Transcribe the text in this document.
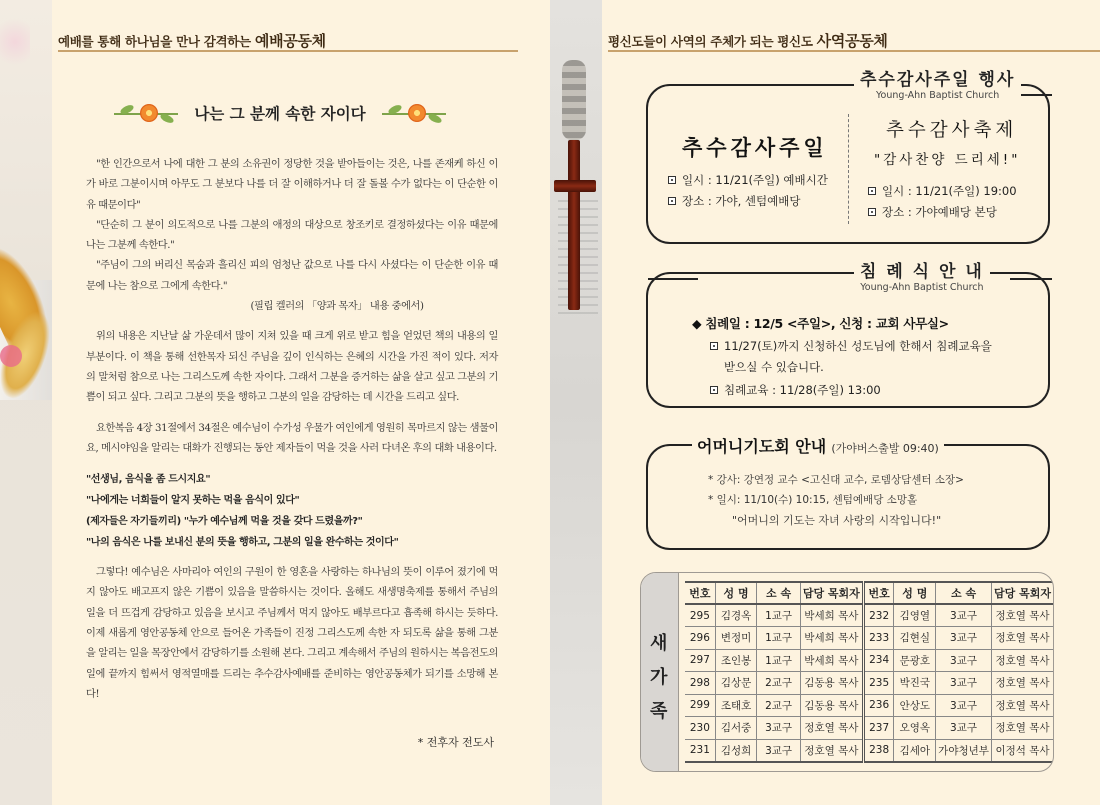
예배를 통해 하나님을 만나 감격하는 예배공동체
나는 그 분께 속한 자이다

"한 인간으로서 나에 대한 그 분의 소유권이 정당한 것을 받아들이는 것은, 나를 존재케 하신 이가 바로 그분이시며 아무도 그 분보다 나를 더 잘 이해하거나 더 잘 돌볼 수가 없다는 이 단순한 이유 때문이다"

"단순히 그 분이 의도적으로 나를 그분의 애정의 대상으로 창조키로 결정하셨다는 이유 때문에 나는 그분께 속한다."

"주님이 그의 버리신 목숨과 흘리신 피의 엄청난 값으로 나를 다시 사셨다는 이 단순한 이유 때문에 나는 참으로 그에게 속한다."

(필립 켈러의 「양과 목자」 내용 중에서)

위의 내용은 지난날 삶 가운데서 많이 지쳐 있을 때 크게 위로 받고 힘을 얻었던 책의 내용의 일부분이다. 이 책을 통해 선한목자 되신 주님을 깊이 인식하는 은혜의 시간을 가진 적이 있다. 저자의 말처럼 참으로 나는 그리스도께 속한 자이다. 그래서 그분을 증거하는 삶을 살고 싶고 그분의 기쁨이 되고 싶다. 그리고 그분의 뜻을 행하고 그분의 일을 감당하는 데 시간을 드리고 싶다.

요한복음 4장 31절에서 34절은 예수님이 수가성 우물가 여인에게 영원히 목마르지 않는 샘물이요, 메시야임을 알리는 대화가 진행되는 동안 제자들이 먹을 것을 사러 다녀온 후의 대화 내용이다.

"선생님, 음식을 좀 드시지요"

"나에게는 너희들이 알지 못하는 먹을 음식이 있다"

(제자들은 자기들끼리) "누가 예수님께 먹을 것을 갖다 드렸을까?"

"나의 음식은 나를 보내신 분의 뜻을 행하고, 그분의 일을 완수하는 것이다"

그렇다! 예수님은 사마리아 여인의 구원이 한 영혼을 사랑하는 하나님의 뜻이 이루어 졌기에 먹지 않아도 배고프지 않은 기쁨이 있음을 말씀하시는 것이다. 올해도 새생명축제를 통해서 주님의 일을 더 뜨겁게 감당하고 있음을 보시고 주님께서 먹지 않아도 배부르다고 흡족해 하시는 듯하다. 이제 새롭게 영안공동체 안으로 들어온 가족들이 진정 그리스도께 속한 자 되도록 삶을 통해 그분을 알리는 일을 목장안에서 감당하기를 소원해 본다. 그리고 계속해서 주님의 원하시는 복음전도의 일에 끝까지 힘써서 영적열매를 드리는 추수감사예배를 준비하는 영안공동체가 되기를 소망해 본다!

* 전후자 전도사
평신도들이 사역의 주체가 되는 평신도 사역공동체
추수감사주일
일시 : 11/21(주일) 예배시간
장소 : 가야, 센텀예배당
추수감사축제
"감사찬양 드리세!"
일시 : 11/21(주일) 19:00
장소 : 가야예배당 본당
추수감사주일 행사
Young-Ahn Baptist Church
◆ 침례일 : 12/5 <주일>, 신청 : 교회 사무실>
11/27(토)까지 신청하신 성도님에 한해서 침례교육을
받으실 수 있습니다.
침례교육 : 11/28(주일) 13:00
침 례 식 안 내
Young-Ahn Baptist Church
어머니기도회 안내 (가야버스출발 09:40)
* 강사: 강연정 교수 <고신대 교수, 로뎀상담센터 소장>
* 일시: 11/10(수) 10:15, 센텀예배당 소망홀
"어머니의 기도는 자녀 사랑의 시작입니다!"
새
가
족
번호	성 명	소 속	담당 목회자	번호	성 명	소 속	담당 목회자
295	김경옥	1교구	박세희 목사	232	김영열	3교구	정호열 목사
296	변정미	1교구	박세희 목사	233	김현실	3교구	정호열 목사
297	조인봉	1교구	박세희 목사	234	문광호	3교구	정호열 목사
298	김상문	2교구	김동용 목사	235	박진국	3교구	정호열 목사
299	조태호	2교구	김동용 목사	236	안상도	3교구	정호열 목사
230	김서중	3교구	정호열 목사	237	오영옥	3교구	정호열 목사
231	김성희	3교구	정호열 목사	238	김세아	가야청년부	이정석 목사
